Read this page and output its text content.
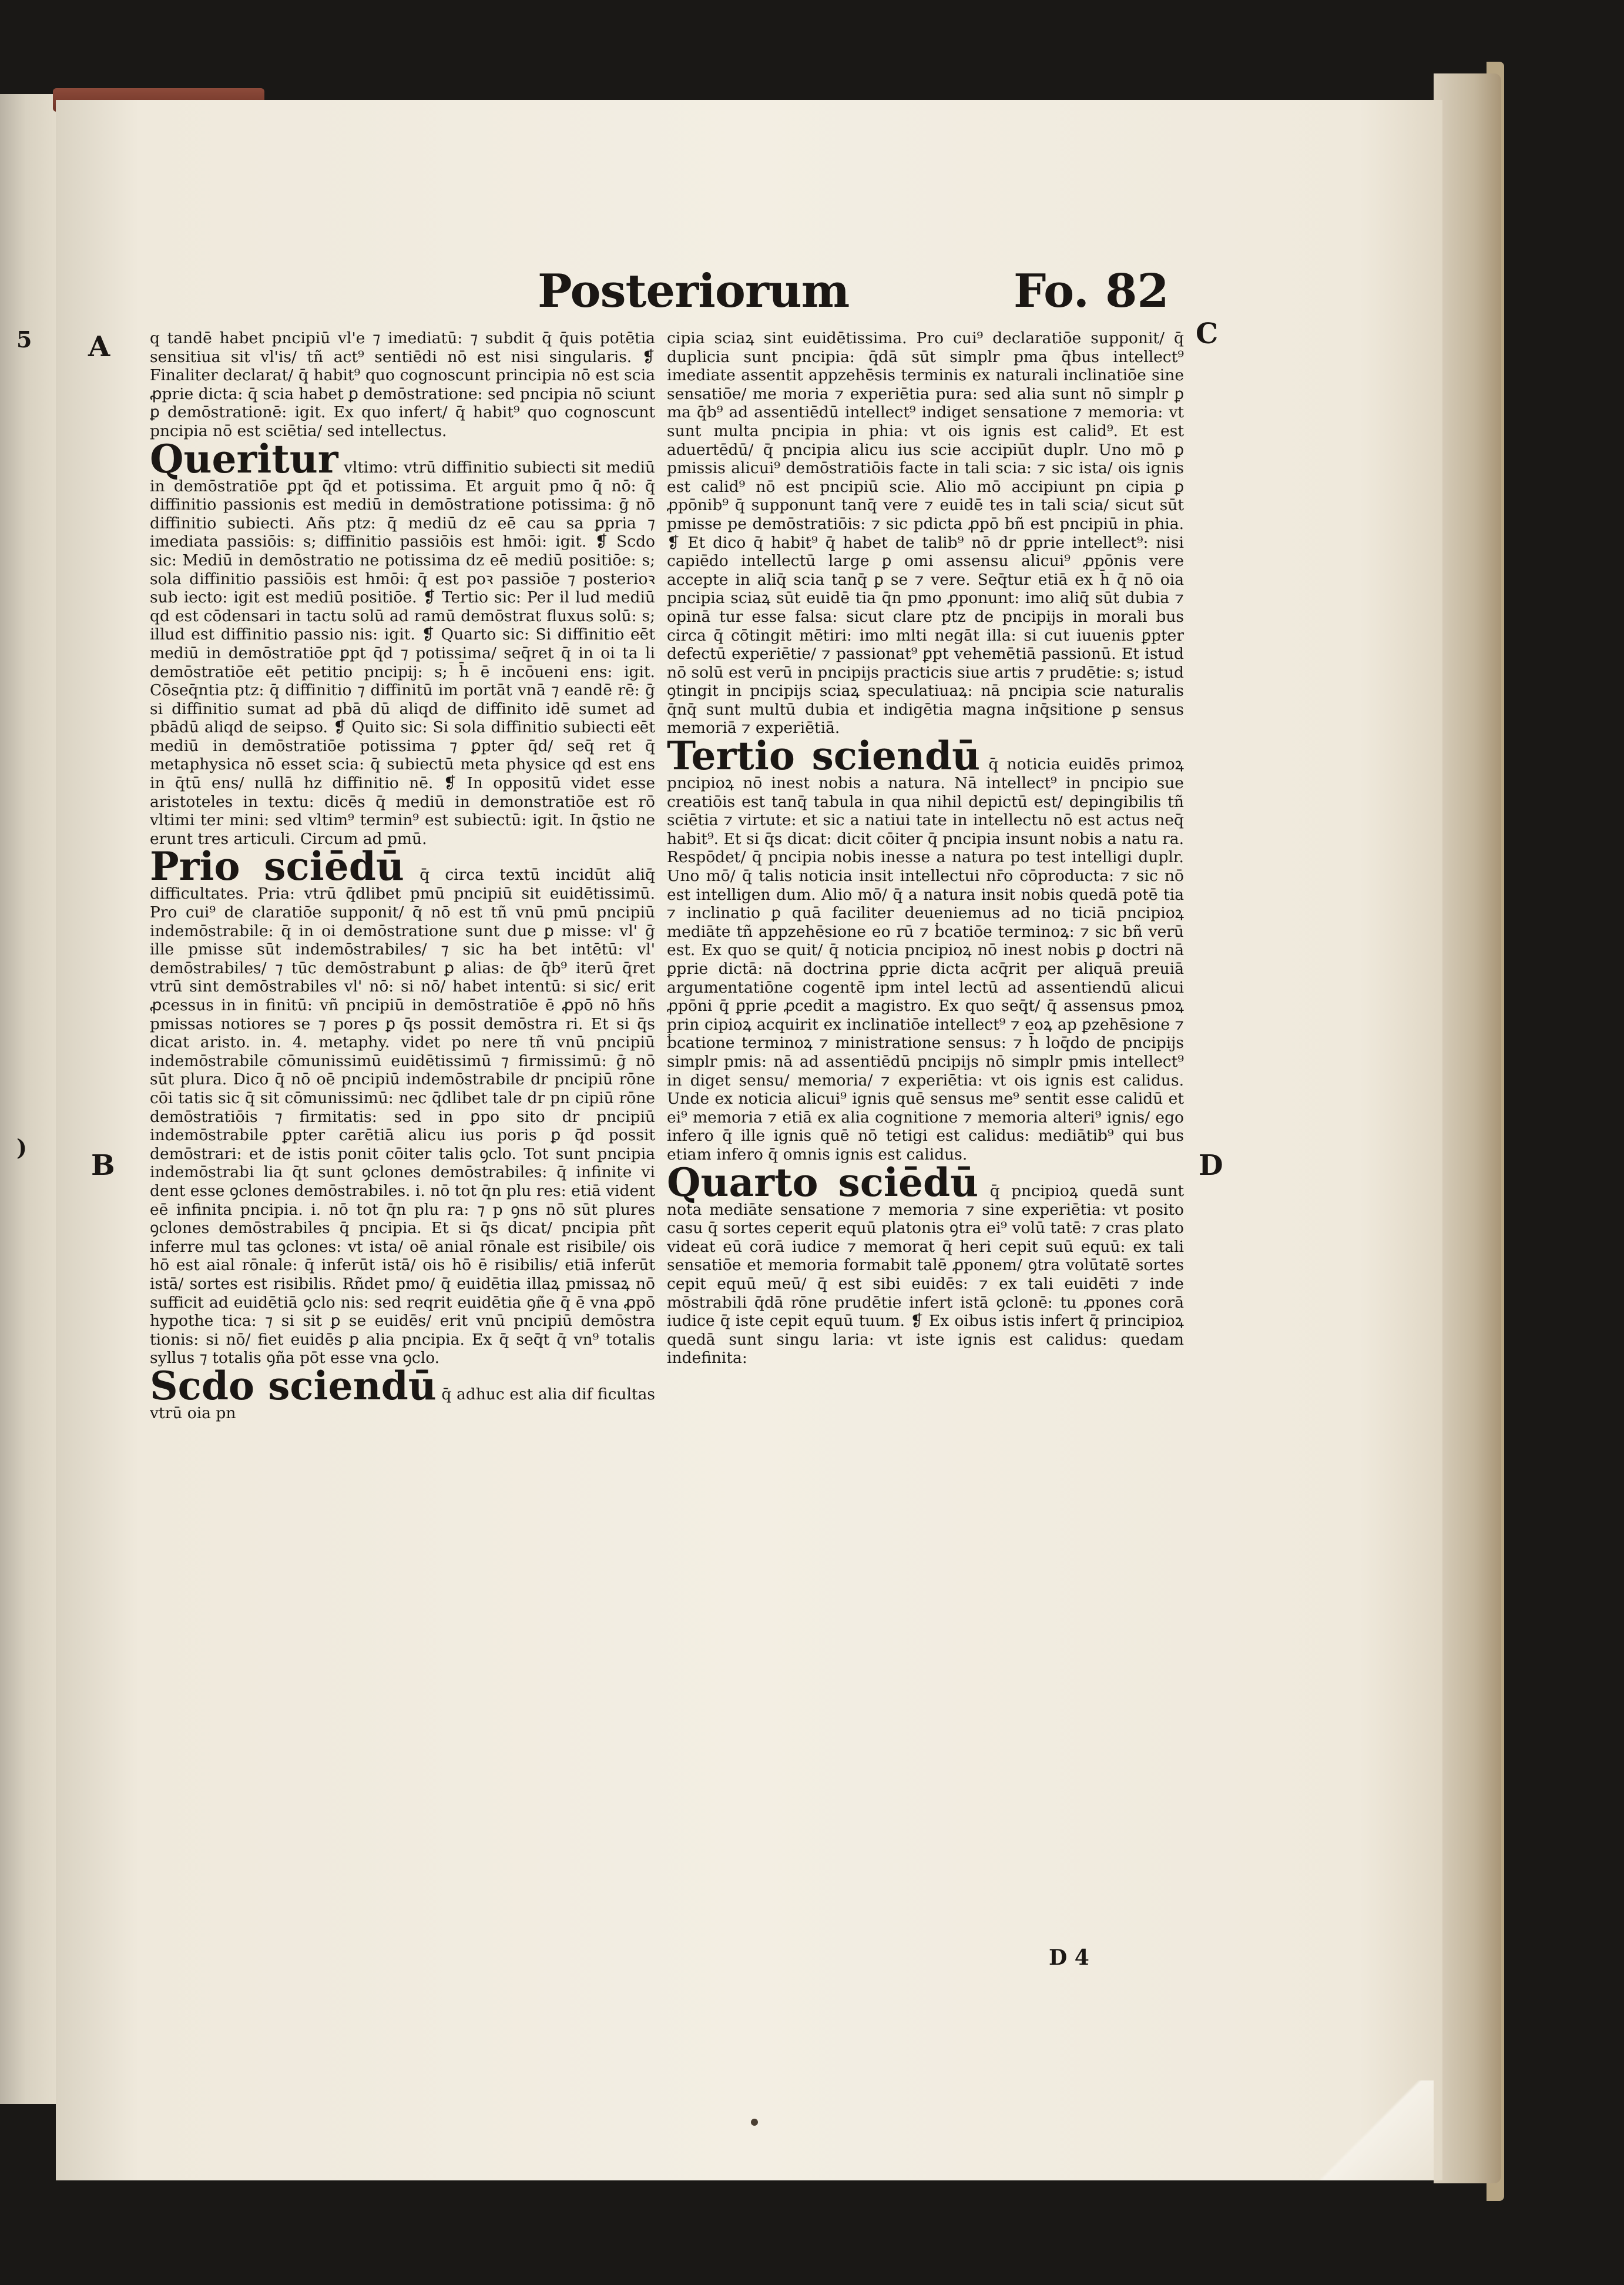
5
)
Posteriorum	Fo. 82
A
B
C
D

q tandē habet pncipiū vl'e ⁊ imediatū: ⁊ subdit q̄ q̄uis potētia sensitiua sit vl'is/ tñ act⁹ sentiēdi nō est nisi singularis. ❡ Finaliter declarat/ q̄ habit⁹ quo cognoscunt principia nō est scia ꝓprie dicta: q̄ scia habet ꝑ demōstratione: sed pncipia nō sciunt ꝑ demōstrationē: igit. Ex quo infert/ q̄ habit⁹ quo cognoscunt pncipia nō est sciētia/ sed intellectus.

Queritur vltimo: vtrū diffinitio subiecti sit mediū in demōstratiōe ꝑpt q̄d et potissima. Et arguit pmo q̄ nō: q̄ diffinitio passionis est mediū in demōstratione potissima: ḡ nō diffinitio subiecti. Añs ptz: q̄ mediū dz eē cau sa ꝑpria ⁊ imediata passiōis: s; diffinitio passiōis est hmōi: igit. ❡ Scdo sic: Mediū in demōstratio ne potissima dz eē mediū positiōe: s; sola diffinitio passiōis est hmōi: q̄ est poꝛ passiōe ⁊ posterioꝛ sub iecto: igit est mediū positiōe. ❡ Tertio sic: Per il lud mediū qd est cōdensari in tactu solū ad ramū demōstrat fluxus solū: s; illud est diffinitio passio nis: igit. ❡ Quarto sic: Si diffinitio eēt mediū in demōstratiōe ꝑpt q̄d ⁊ potissima/ seq̄ret q̄ in oi ta li demōstratiōe eēt petitio pncipij: s; h̄ ē incōueni ens: igit. Cōseq̄ntia ptz: q̄ diffinitio ⁊ diffinitū im portāt vnā ⁊ eandē rē: ḡ si diffinitio sumat ad pbā dū aliqd de diffinito idē sumet ad pbādū aliqd de seipso. ❡ Quito sic: Si sola diffinitio subiecti eēt mediū in demōstratiōe potissima ⁊ ꝑpter q̄d/ seq̄ ret q̄ metaphysica nō esset scia: q̄ subiectū meta physice qd est ens in q̄tū ens/ nullā hz diffinitio nē. ❡ In oppositū videt esse aristoteles in textu: dicēs q̄ mediū in demonstratiōe est rō vltimi ter mini: sed vltim⁹ termin⁹ est subiectū: igit. In q̄stio ne erunt tres articuli. Circum ad pmū.

Prio sciēdū q̄ circa textū incidūt aliq̄ difficultates. Pria: vtrū q̄dlibet pmū pncipiū sit euidētissimū. Pro cui⁹ de claratiōe supponit/ q̄ nō est tñ vnū pmū pncipiū indemōstrabile: q̄ in oi demōstratione sunt due ꝑ misse: vl' ḡ ille pmisse sūt indemōstrabiles/ ⁊ sic ha bet intētū: vl' demōstrabiles/ ⁊ tūc demōstrabunt ꝑ alias: de q̄b⁹ iterū q̄ret vtrū sint demōstrabiles vl' nō: si nō/ habet intentū: si sic/ erit ꝓcessus in in finitū: vñ pncipiū in demōstratiōe ē ꝓpō nō hñs pmissas notiores se ⁊ pores ꝑ q̄s possit demōstra ri. Et si q̄s dicat aristo. in. 4. metaphy. videt po nere tñ vnū pncipiū indemōstrabile cōmunissimū euidētissimū ⁊ firmissimū: ḡ nō sūt plura. Dico q̄ nō oē pncipiū indemōstrabile dr pncipiū rōne cōi tatis sic q̄ sit cōmunissimū: nec q̄dlibet tale dr pn cipiū rōne demōstratiōis ⁊ firmitatis: sed in ꝑpo sito dr pncipiū indemōstrabile ꝑpter carētiā alicu ius poris ꝑ q̄d possit demōstrari: et de istis ponit cōiter talis ꝯclo. Tot sunt pncipia indemōstrabi lia q̄t sunt ꝯclones demōstrabiles: q̄ infinite vi dent esse ꝯclones demōstrabiles. i. nō tot q̄n plu res: etiā vident eē infinita pncipia. i. nō tot q̄n plu ra: ⁊ p ꝯns nō sūt plures ꝯclones demōstrabiles q̄ pncipia. Et si q̄s dicat/ pncipia pñt inferre mul tas ꝯclones: vt ista/ oē anial rōnale est risibile/ ois hō est aial rōnale: q̄ inferūt istā/ ois hō ē risibilis/ etiā inferūt istā/ sortes est risibilis. Rñdet pmo/ q̄ euidētia illaꝝ pmissaꝝ nō sufficit ad euidētiā ꝯclo nis: sed reqrit euidētia ꝯñe q̄ ē vna ꝓpō hypothe tica: ⁊ si sit ꝑ se euidēs/ erit vnū pncipiū demōstra tionis: si nō/ fiet euidēs ꝑ alia pncipia. Ex q̄ seq̄t q̄ vn⁹ totalis syllus ⁊ totalis ꝯña pōt esse vna ꝯclo.

Scdo sciendū q̄ adhuc est alia dif ficultas vtrū oia pn

cipia sciaꝝ sint euidētissima. Pro cui⁹ declaratiōe supponit/ q̄ duplicia sunt pncipia: q̄dā sūt simplr pma q̄bus intellect⁹ imediate assentit appzehēsis terminis ex naturali inclinatiōe sine sensatiōe/ me moria ⁊ experiētia pura: sed alia sunt nō simplr ꝑ ma q̄b⁹ ad assentiēdū intellect⁹ indiget sensatione ⁊ memoria: vt sunt multa pncipia in phia: vt ois ignis est calid⁹. Et est aduertēdū/ q̄ pncipia alicu ius scie accipiūt duplr. Uno mō ꝑ pmissis alicui⁹ demōstratiōis facte in tali scia: ⁊ sic ista/ ois ignis est calid⁹ nō est pncipiū scie. Alio mō accipiunt pn cipia ꝑ ꝓpōnib⁹ q̄ supponunt tanq̄ vere ⁊ euidē tes in tali scia/ sicut sūt pmisse pe demōstratiōis: ⁊ sic pdicta ꝓpō bñ est pncipiū in phia. ❡ Et dico q̄ habit⁹ q̄ habet de talib⁹ nō dr ꝑprie intellect⁹: nisi capiēdo intellectū large ꝑ omi assensu alicui⁹ ꝓpōnis vere accepte in aliq̄ scia tanq̄ ꝑ se ⁊ vere. Seq̄tur etiā ex h̄ q̄ nō oia pncipia sciaꝝ sūt euidē tia q̄n pmo ꝓponunt: imo aliq̄ sūt dubia ⁊ opinā tur esse falsa: sicut clare ptz de pncipijs in morali bus circa q̄ cōtingit mētiri: imo mlti negāt illa: si cut iuuenis ꝑpter defectū experiētie/ ⁊ passionat⁹ ꝑpt vehemētiā passionū. Et istud nō solū est verū in pncipijs practicis siue artis ⁊ prudētie: s; istud ꝯtingit in pncipijs sciaꝝ speculatiuaꝝ: nā pncipia scie naturalis q̄nq̄ sunt multū dubia et indigētia magna inq̄sitione ꝑ sensus memoriā ⁊ experiētiā.

Tertio sciendū q̄ noticia euidēs primoꝝ pncipioꝝ nō inest nobis a natura. Nā intellect⁹ in pncipio sue creatiōis est tanq̄ tabula in qua nihil depictū est/ depingibilis tñ sciētia ⁊ virtute: et sic a natiui tate in intellectu nō est actus neq̄ habit⁹. Et si q̄s dicat: dicit cōiter q̄ pncipia insunt nobis a natu ra. Respōdet/ q̄ pncipia nobis inesse a natura po test intelligi duplr. Uno mō/ q̄ talis noticia insit intellectui nr̄o cōproducta: ⁊ sic nō est intelligen dum. Alio mō/ q̄ a natura insit nobis quedā potē tia ⁊ inclinatio ꝑ quā faciliter deueniemus ad no ticiā pncipioꝝ mediāte tñ appzehēsione eo rū ⁊ ḃcatiōe terminoꝝ: ⁊ sic bñ verū est. Ex quo se quit/ q̄ noticia pncipioꝝ nō inest nobis ꝑ doctri nā ꝑprie dictā: nā doctrina ꝑprie dicta acq̄rit per aliquā preuiā argumentatiōne cogentē ipm intel lectū ad assentiendū alicui ꝓpōni q̄ ꝑprie ꝓcedit a magistro. Ex quo seq̄t/ q̄ assensus pmoꝝ prin cipioꝝ acquirit ex inclinatiōe intellect⁹ ⁊ eoꝝ ap ꝑzehēsione ⁊ ḃcatione terminoꝝ ⁊ ministratione sensus: ⁊ h̄ loq̄do de pncipijs simplr pmis: nā ad assentiēdū pncipijs nō simplr pmis intellect⁹ in diget sensu/ memoria/ ⁊ experiētia: vt ois ignis est calidus. Unde ex noticia alicui⁹ ignis quē sensus me⁹ sentit esse calidū et ei⁹ memoria ⁊ etiā ex alia cognitione ⁊ memoria alteri⁹ ignis/ ego infero q̄ ille ignis quē nō tetigi est calidus: mediātib⁹ qui bus etiam infero q̄ omnis ignis est calidus.

Quarto sciēdū q̄ pncipioꝝ quedā sunt nota mediāte sensatione ⁊ memoria ⁊ sine experiētia: vt posito casu q̄ sortes ceperit equū platonis ꝯtra ei⁹ volū tatē: ⁊ cras plato videat eū corā iudice ⁊ memorat q̄ heri cepit suū equū: ex tali sensatiōe et memoria formabit talē ꝓponem/ ꝯtra volūtatē sortes cepit equū meū/ q̄ est sibi euidēs: ⁊ ex tali euidēti ⁊ inde mōstrabili q̄dā rōne prudētie infert istā ꝯclonē: tu ꝓpones corā iudice q̄ iste cepit equū tuum. ❡ Ex oibus istis infert q̄ principioꝝ quedā sunt singu laria: vt iste ignis est calidus: quedam indefinita:

D 4
